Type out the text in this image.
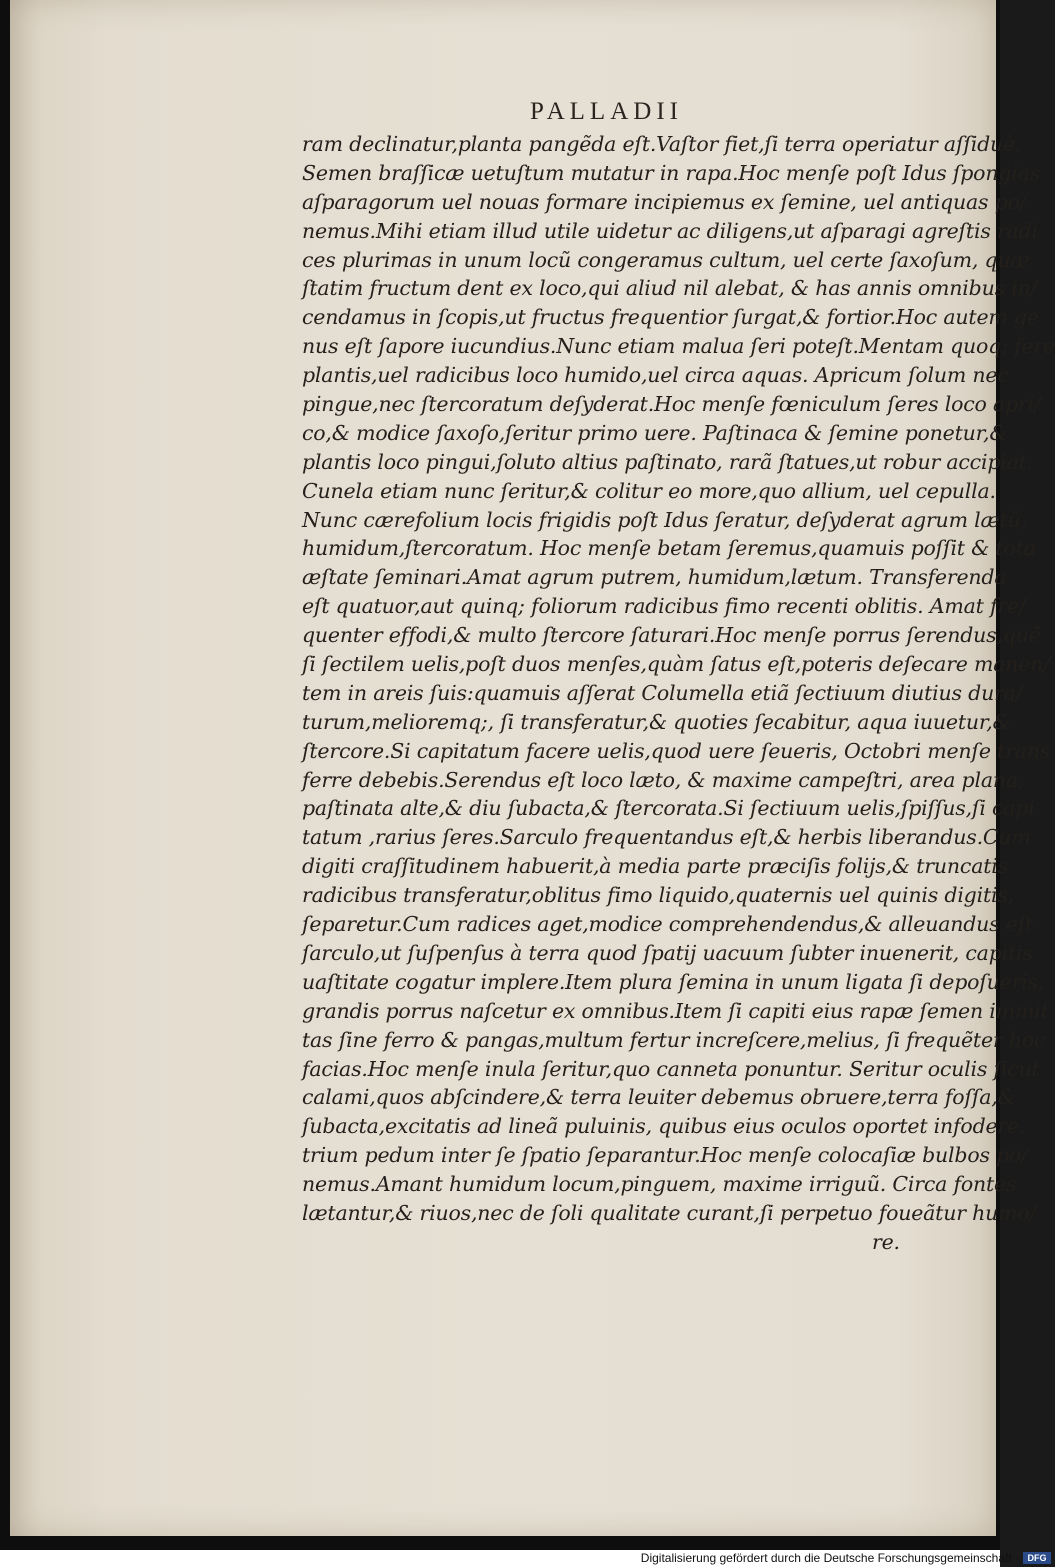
PALLADII
ram declinatur,planta pangẽda eſt.Vaſtor fiet,ſi terra operiatur aſſiduè.
Semen braſſicæ uetuſtum mutatur in rapa.Hoc menſe poſt Idus ſpongias
aſparagorum uel nouas formare incipiemus ex ſemine, uel antiquas po/
nemus.Mihi etiam illud utile uidetur ac diligens,ut aſparagi agreſtis radi
ces plurimas in unum locũ congeramus cultum, uel certe ſaxoſum, quæ
ſtatim fructum dent ex loco,qui aliud nil alebat, & has annis omnibus in/
cendamus in ſcopis,ut fructus frequentior ſurgat,& fortior.Hoc autem ge
nus eſt ſapore iucundius.Nunc etiam malua ſeri poteſt.Mentam quoq; ſere
plantis,uel radicibus loco humido,uel circa aquas. Apricum ſolum nec
pingue,nec ſtercoratum deſyderat.Hoc menſe fœniculum ſeres loco apri/
co,& modice ſaxoſo,ſeritur primo uere. Paſtinaca & ſemine ponetur,&
plantis loco pingui,ſoluto altius paſtinato, rarã ſtatues,ut robur accipiat.
Cunela etiam nunc ſeritur,& colitur eo more,quo allium, uel cepulla.
Nunc cærefolium locis frigidis poſt Idus ſeratur, deſyderat agrum lætũ,
humidum,ſtercoratum. Hoc menſe betam ſeremus,quamuis poſſit & tota
æſtate ſeminari.Amat agrum putrem, humidum,lætum. Transferenda
eſt quatuor,aut quinq; foliorum radicibus fimo recenti oblitis. Amat fre/
quenter effodi,& multo ſtercore ſaturari.Hoc menſe porrus ſerendus,quẽ
ſi ſectilem uelis,poſt duos menſes,quàm ſatus eſt,poteris deſecare manen/
tem in areis ſuis:quamuis aſſerat Columella etiã ſectiuum diutius dura/
turum,melioremq;, ſi transferatur,& quoties ſecabitur, aqua iuuetur,&
ſtercore.Si capitatum facere uelis,quod uere ſeueris, Octobri menſe trans
ferre debebis.Serendus eſt loco læto, & maxime campeſtri, area plana,
paſtinata alte,& diu ſubacta,& ſtercorata.Si ſectiuum uelis,ſpiſſus,ſi capi
tatum ,rarius ſeres.Sarculo frequentandus eſt,& herbis liberandus.Cum
digiti craſſitudinem habuerit,à media parte præciſis folijs,& truncatis
radicibus transferatur,oblitus fimo liquido,quaternis uel quinis digitis,
ſeparetur.Cum radices aget,modice comprehendendus,& alleuandus eſt
ſarculo,ut ſuſpenſus à terra quod ſpatij uacuum ſubter inuenerit, capitis
uaſtitate cogatur implere.Item plura ſemina in unum ligata ſi depoſueris,
grandis porrus naſcetur ex omnibus.Item ſi capiti eius rapæ ſemen immit
tas ſine ferro & pangas,multum fertur increſcere,melius, ſi frequẽter hoc
facias.Hoc menſe inula ſeritur,quo canneta ponuntur. Seritur oculis ſicut
calami,quos abſcindere,& terra leuiter debemus obruere,terra foſſa,&
ſubacta,excitatis ad lineã puluinis, quibus eius oculos oportet infodere,
trium pedum inter ſe ſpatio ſeparantur.Hoc menſe colocaſiæ bulbos po/
nemus.Amant humidum locum,pinguem, maxime irriguũ. Circa fontes
lætantur,& riuos,nec de ſoli qualitate curant,ſi perpetuo foueãtur humo/
re.
Digitalisierung gefördert durch die Deutsche Forschungsgemeinschaft · DFG
